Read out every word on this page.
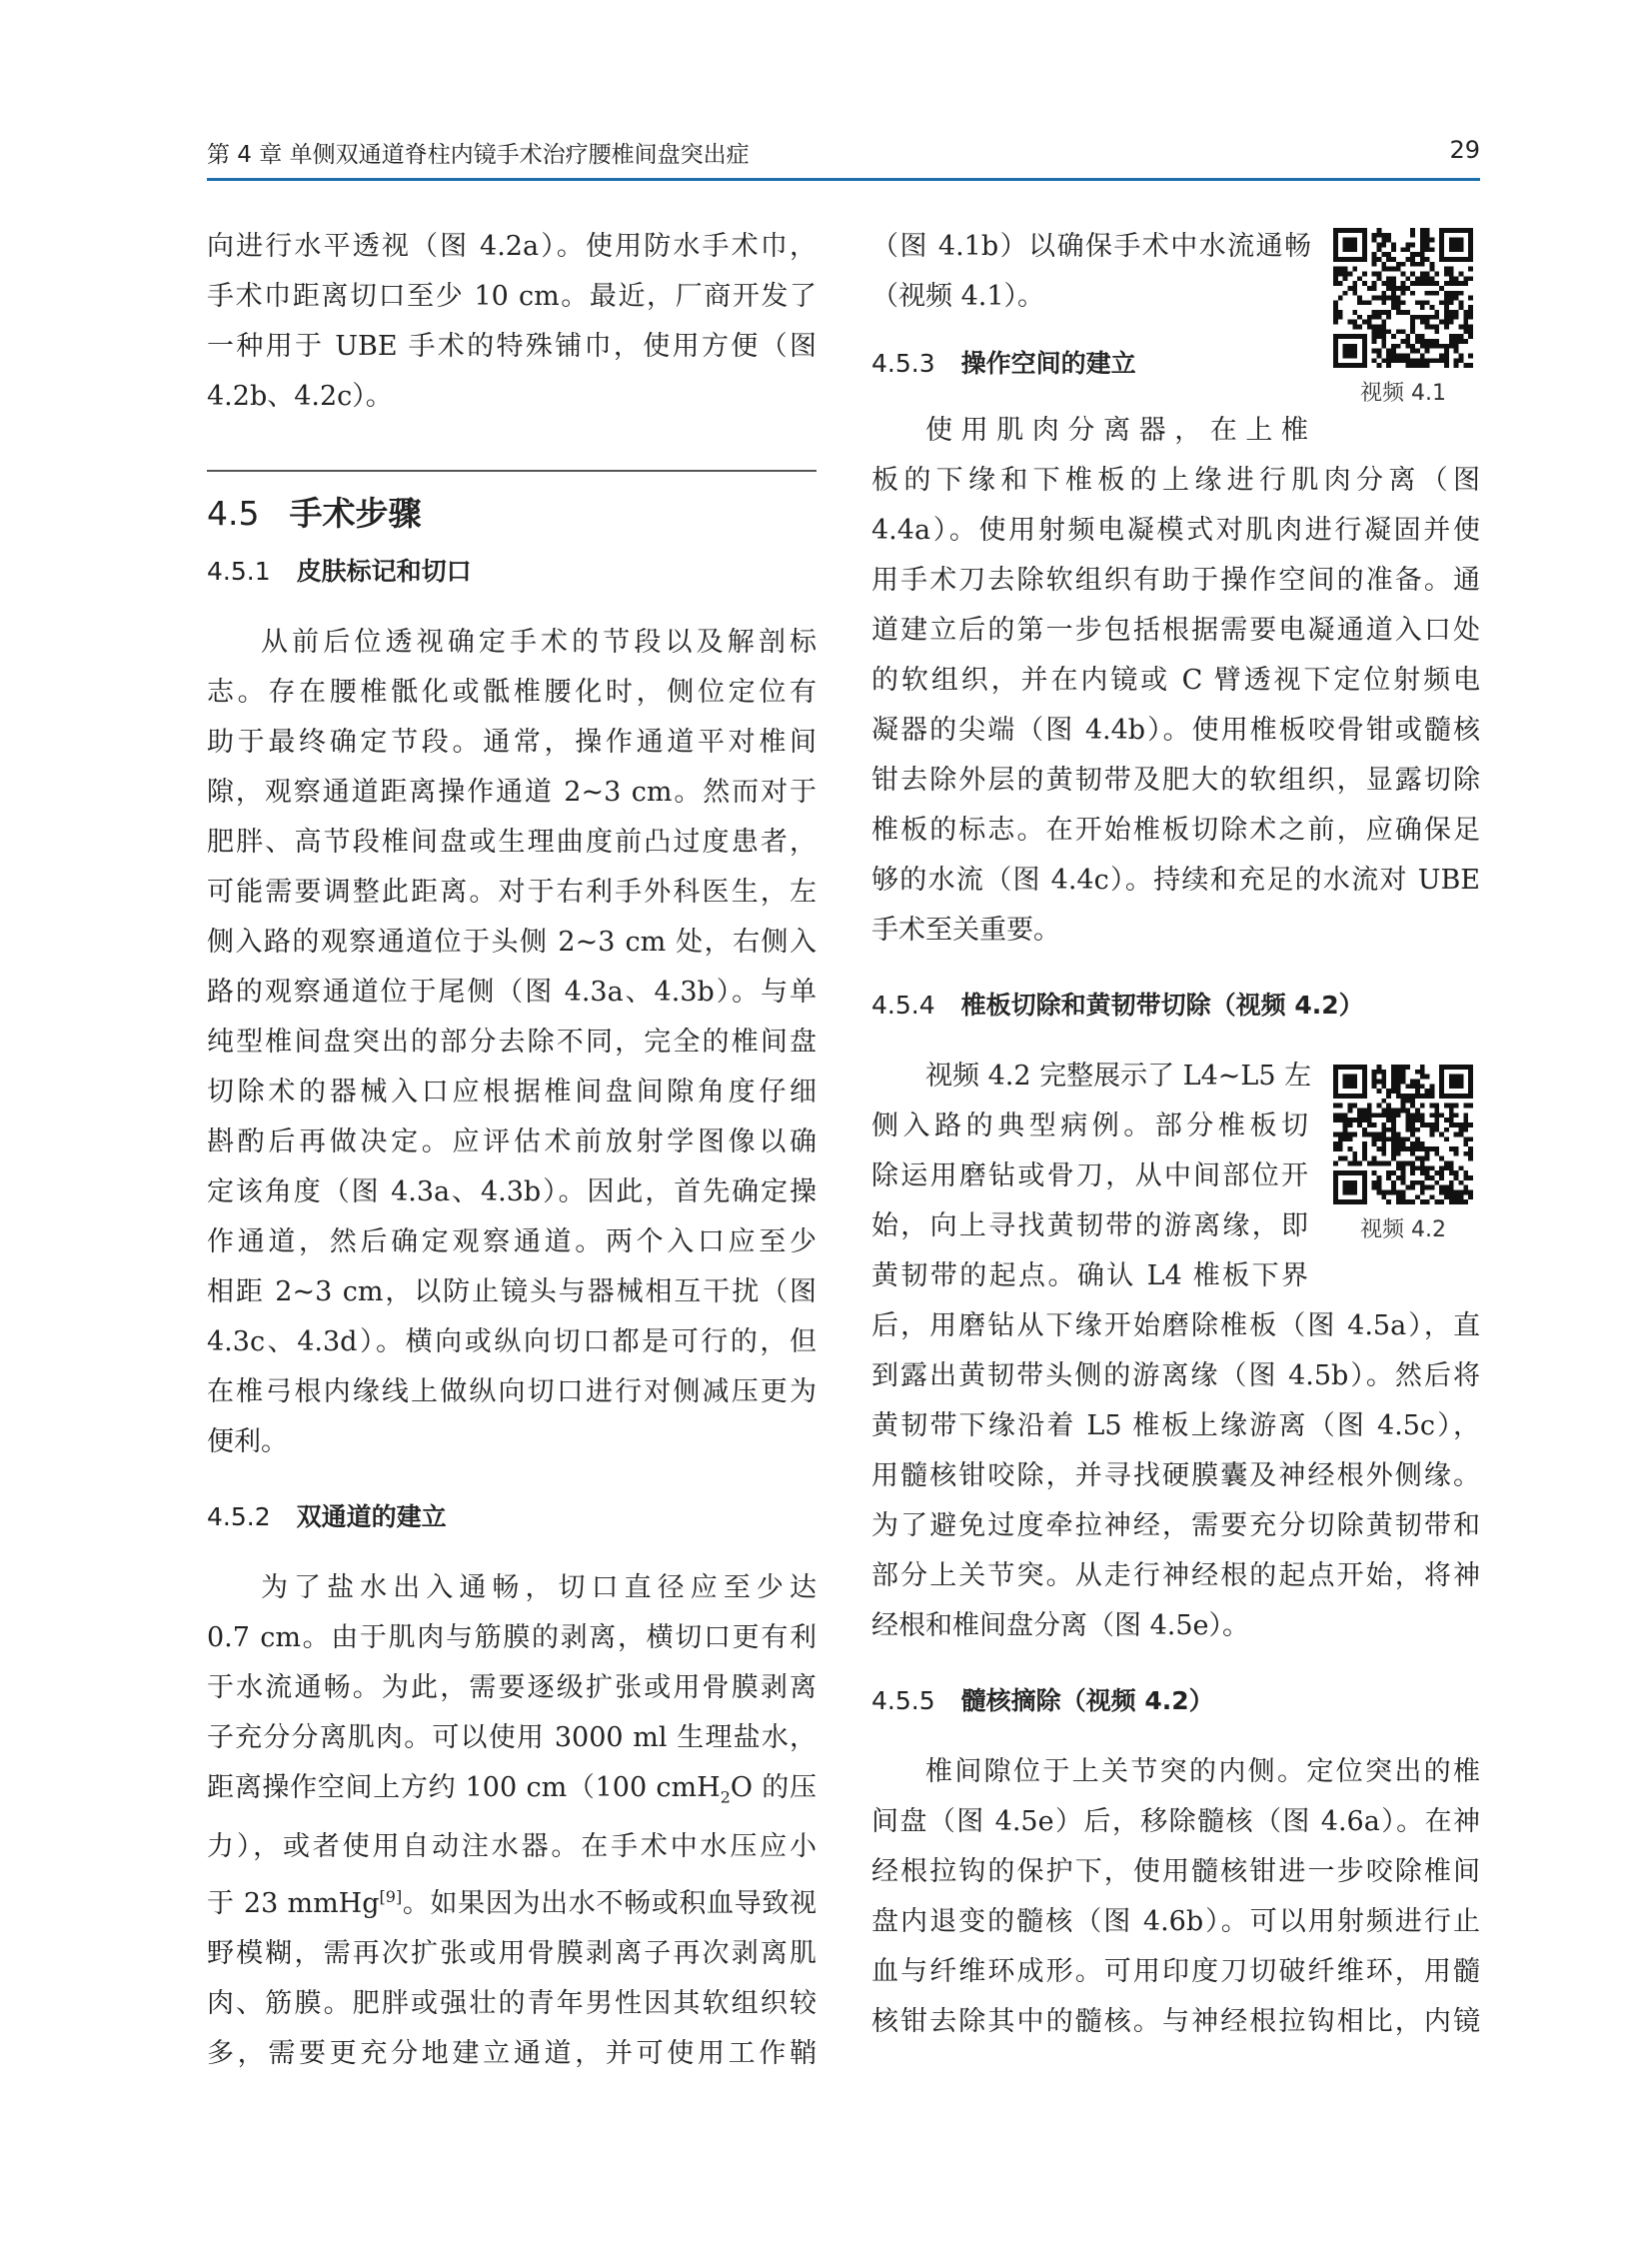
第 4 章 单侧双通道脊柱内镜手术治疗腰椎间盘突出症	29
向进行水平透视（图 4.2a）。使用防水手术巾，
手术巾距离切口至少 10 cm。最近，厂商开发了
一种用于 UBE 手术的特殊铺巾，使用方便（图
4.2b、4.2c）。
4.5 手术步骤
4.5.1 皮肤标记和切口
从前后位透视确定手术的节段以及解剖标
志。存在腰椎骶化或骶椎腰化时，侧位定位有
助于最终确定节段。通常，操作通道平对椎间
隙，观察通道距离操作通道 2~3 cm。然而对于
肥胖、高节段椎间盘或生理曲度前凸过度患者，
可能需要调整此距离。对于右利手外科医生，左
侧入路的观察通道位于头侧 2~3 cm 处，右侧入
路的观察通道位于尾侧（图 4.3a、4.3b）。与单
纯型椎间盘突出的部分去除不同，完全的椎间盘
切除术的器械入口应根据椎间盘间隙角度仔细
斟酌后再做决定。应评估术前放射学图像以确
定该角度（图 4.3a、4.3b）。因此，首先确定操
作通道，然后确定观察通道。两个入口应至少
相距 2~3 cm，以防止镜头与器械相互干扰（图
4.3c、4.3d）。横向或纵向切口都是可行的，但
在椎弓根内缘线上做纵向切口进行对侧减压更为
便利。
4.5.2 双通道的建立
为了盐水出入通畅，切口直径应至少达
0.7 cm。由于肌肉与筋膜的剥离，横切口更有利
于水流通畅。为此，需要逐级扩张或用骨膜剥离
子充分分离肌肉。可以使用 3000 ml 生理盐水，
距离操作空间上方约 100 cm（100 cmH$_2$O 的压
力），或者使用自动注水器。在手术中水压应小
于 23 mmHg[9]。如果因为出水不畅或积血导致视
野模糊，需再次扩张或用骨膜剥离子再次剥离肌
肉、筋膜。肥胖或强壮的青年男性因其软组织较
多，需要更充分地建立通道，并可使用工作鞘
（图 4.1b）以确保手术中水流通畅
（视频 4.1）。
4.5.3 操作空间的建立
使用肌肉分离器，在上椎
板的下缘和下椎板的上缘进行肌肉分离（图
4.4a）。使用射频电凝模式对肌肉进行凝固并使
用手术刀去除软组织有助于操作空间的准备。通
道建立后的第一步包括根据需要电凝通道入口处
的软组织，并在内镜或 C 臂透视下定位射频电
凝器的尖端（图 4.4b）。使用椎板咬骨钳或髓核
钳去除外层的黄韧带及肥大的软组织，显露切除
椎板的标志。在开始椎板切除术之前，应确保足
够的水流（图 4.4c）。持续和充足的水流对 UBE
手术至关重要。
4.5.4 椎板切除和黄韧带切除（视频 4.2）
视频 4.2 完整展示了 L4~L5 左
侧入路的典型病例。部分椎板切
除运用磨钻或骨刀，从中间部位开
始，向上寻找黄韧带的游离缘，即
黄韧带的起点。确认 L4 椎板下界
后，用磨钻从下缘开始磨除椎板（图 4.5a），直
到露出黄韧带头侧的游离缘（图 4.5b）。然后将
黄韧带下缘沿着 L5 椎板上缘游离（图 4.5c），
用髓核钳咬除，并寻找硬膜囊及神经根外侧缘。
为了避免过度牵拉神经，需要充分切除黄韧带和
部分上关节突。从走行神经根的起点开始，将神
经根和椎间盘分离（图 4.5e）。
4.5.5 髓核摘除（视频 4.2）
椎间隙位于上关节突的内侧。定位突出的椎
间盘（图 4.5e）后，移除髓核（图 4.6a）。在神
经根拉钩的保护下，使用髓核钳进一步咬除椎间
盘内退变的髓核（图 4.6b）。可以用射频进行止
血与纤维环成形。可用印度刀切破纤维环，用髓
核钳去除其中的髓核。与神经根拉钩相比，内镜
视频 4.1
视频 4.2
